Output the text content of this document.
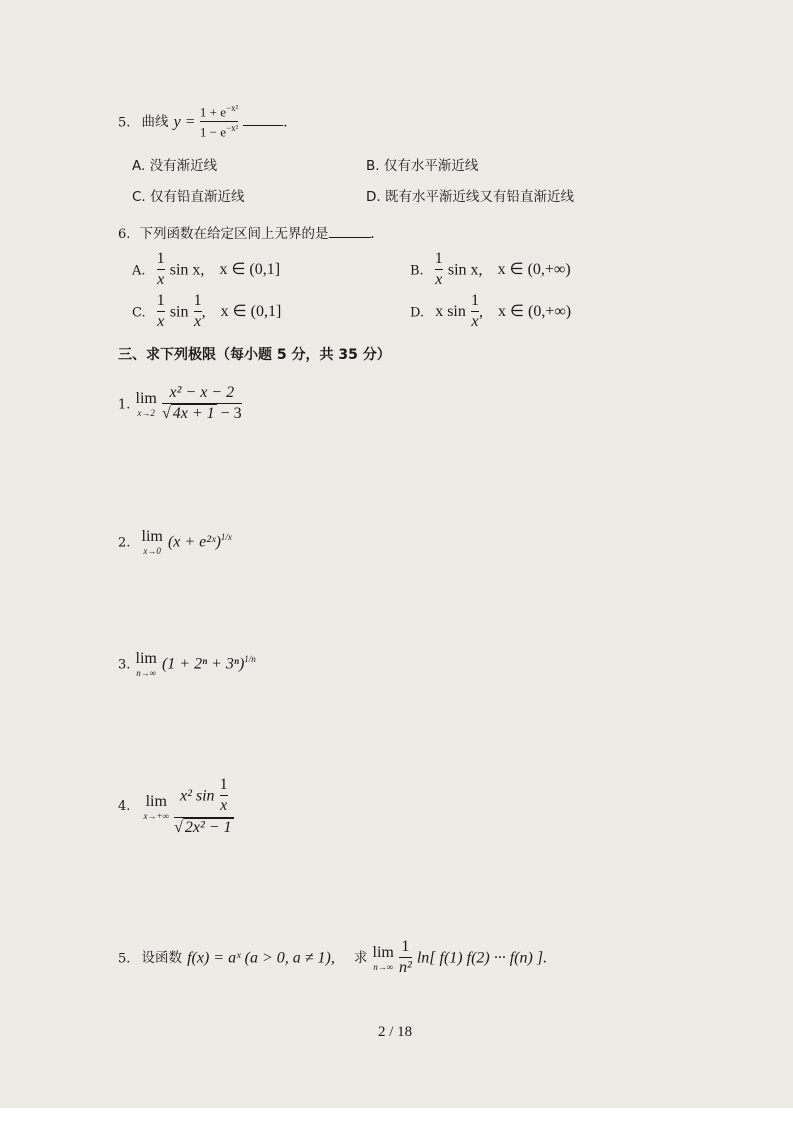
5. 曲线 $y = \frac{1 + e^{-x^2}}{1 - e^{-x^2}}$	.
A. 没有渐近线	B. 仅有水平渐近线
C. 仅有铅直渐近线	D. 既有水平渐近线又有铅直渐近线
6. 下列函数在给定区间上无界的是	.
A. $\frac{1}{x}$ sin x, x ∈ (0,1]	B. $\frac{1}{x}$ sin x, x ∈ (0,+∞)
C. $\frac{1}{x}$ $\sin \frac{1}{x}$ , x ∈ (0,1]	D. x $\sin \frac{1}{x}$ , x ∈ (0,+∞)
三、求下列极限（每小题 5 分，共 35 分）
1. lim
x→2
$\frac{\text{x² − x − 2}}{√ 4x + 1 - 3}$
2. lim
x→0
(x + e²ˣ)$^{1/x}$
3. lim
n→∞
$(1 + 2^n + 3^n)^{1/n}$
4. lim
x→+∞
$\frac{x^2 \sin \frac{1}{x}}{\text{√ 2x² − 1}}$
5. 设函数 f(x) = aˣ (a > 0, a ≠ 1), 求 lim
n→∞
$\frac{1}{\text{n²}} \ln$[ f(1) f(2) ··· f(n) ].
2 / 18
